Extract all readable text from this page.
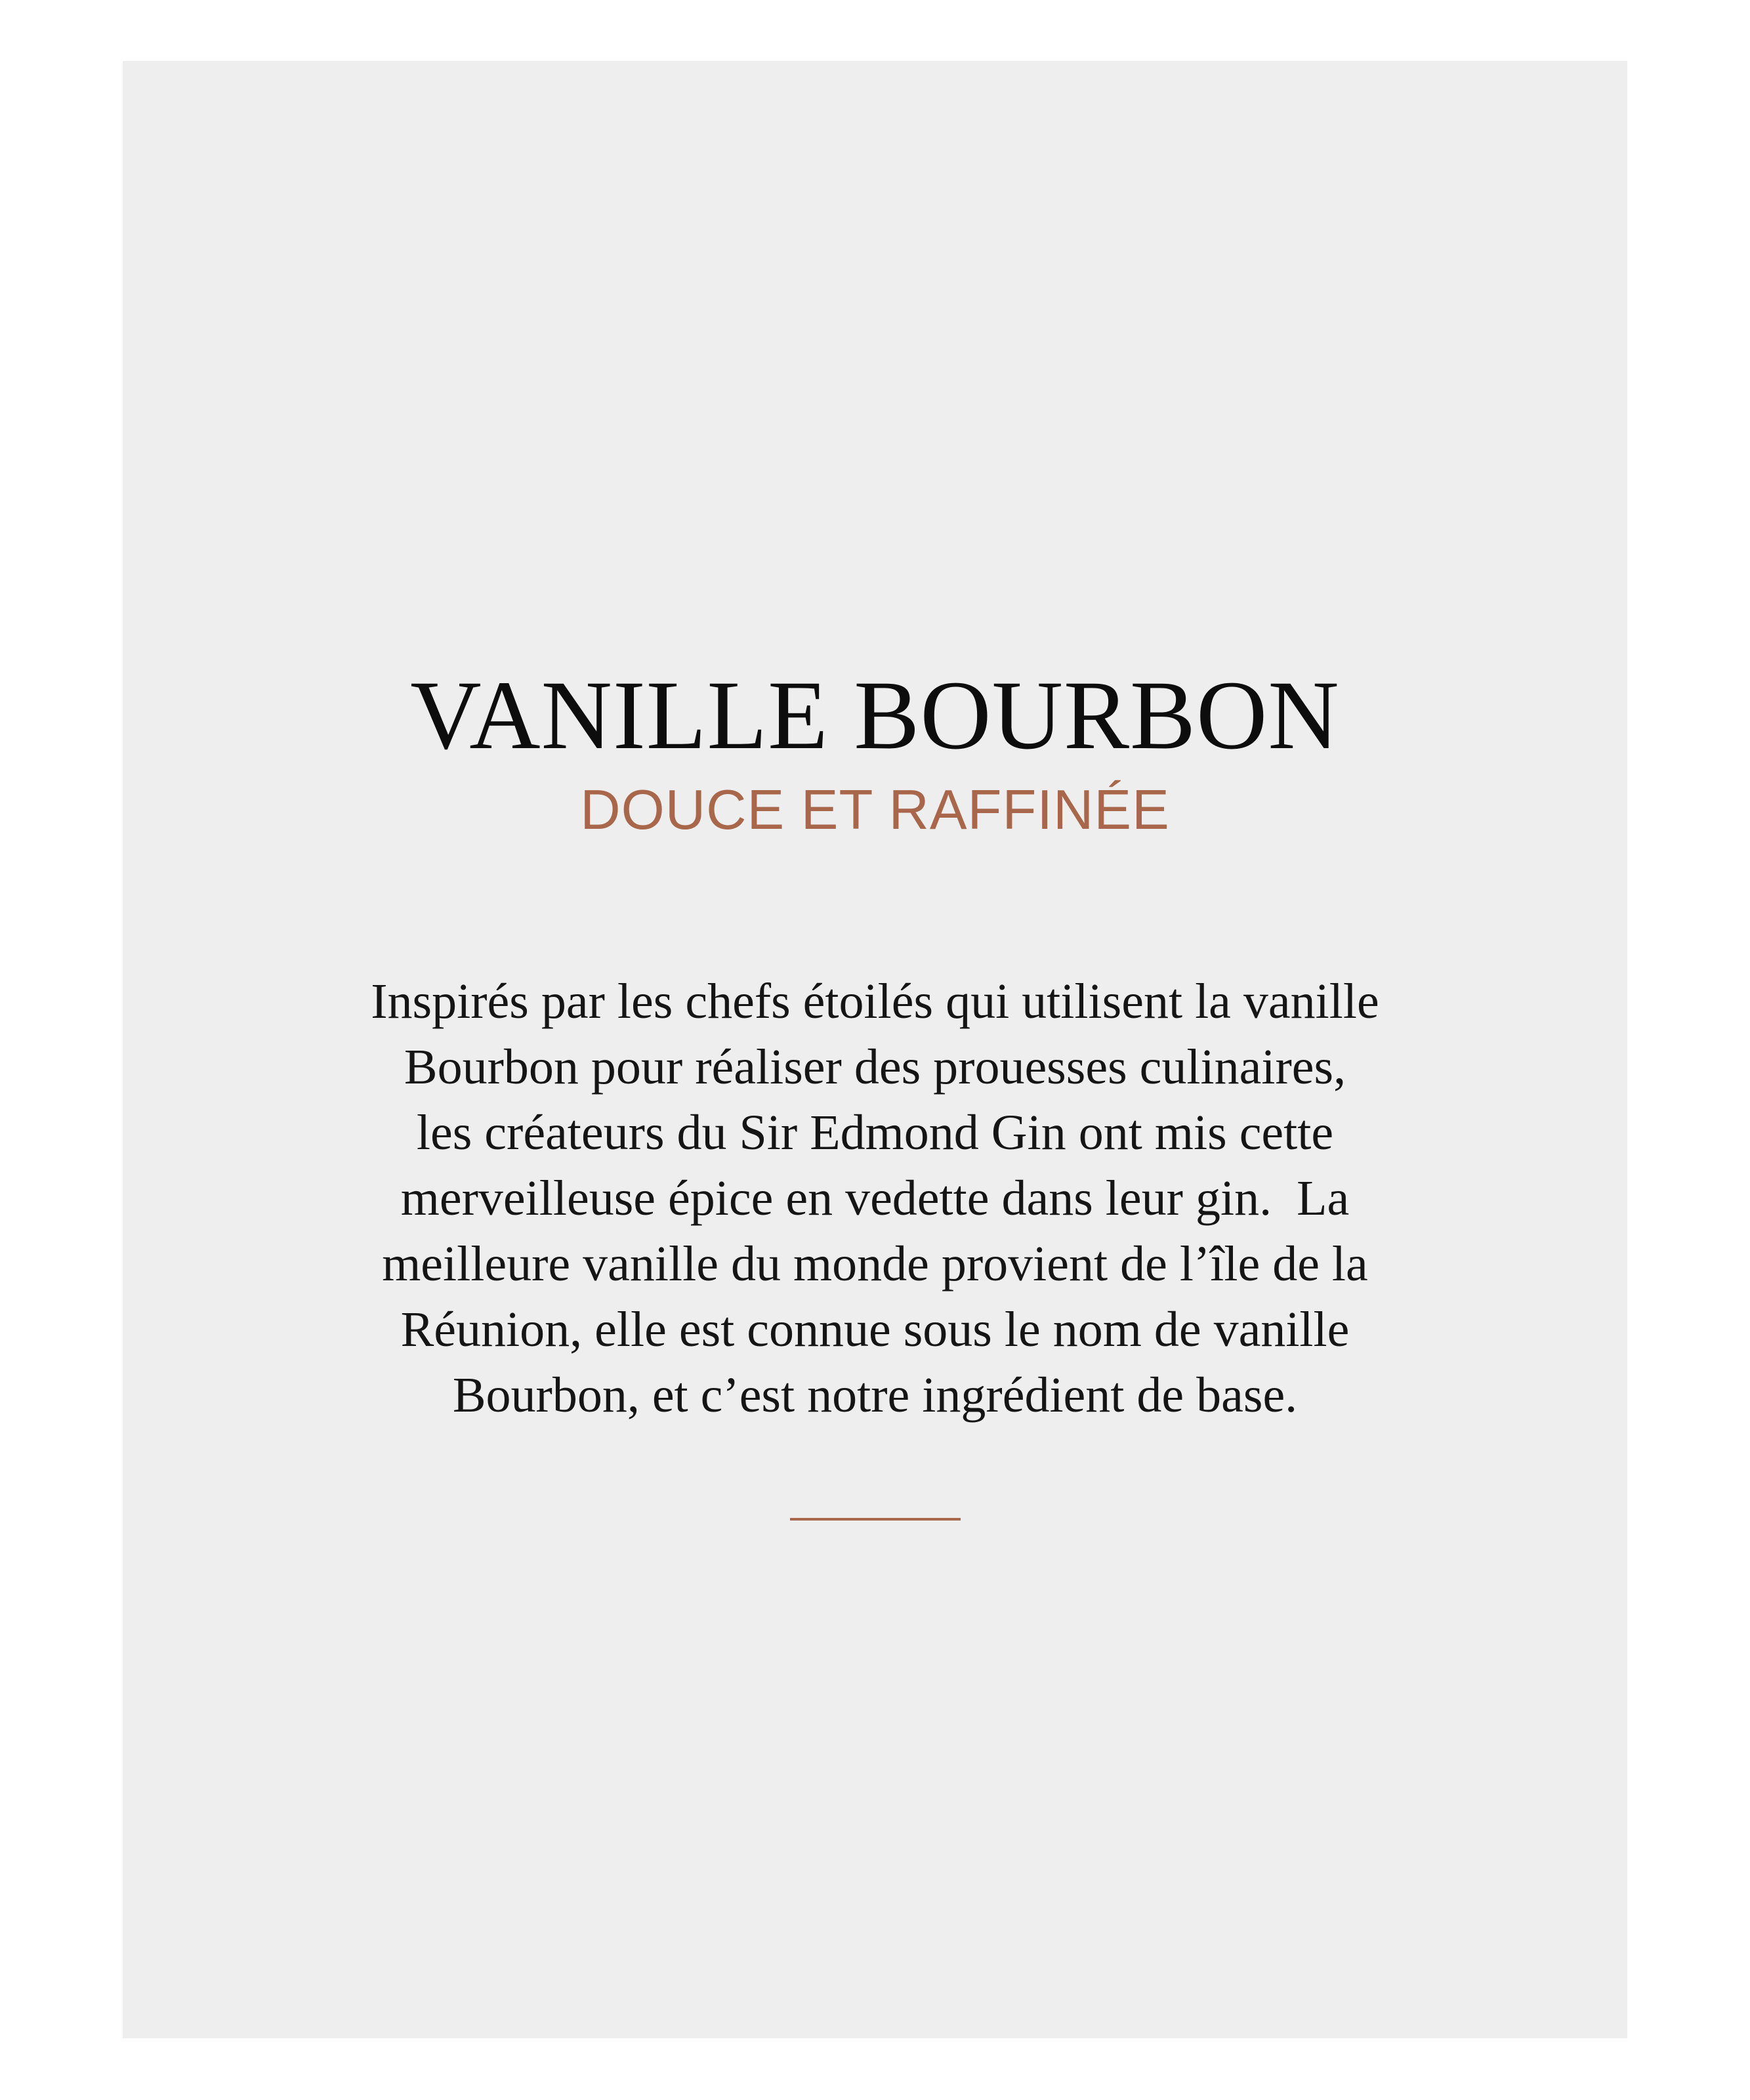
VANILLE BOURBON
DOUCE ET RAFFINÉE
Inspirés par les chefs étoilés qui utilisent la vanille
Bourbon pour réaliser des prouesses culinaires,
les créateurs du Sir Edmond Gin ont mis cette
merveilleuse épice en vedette dans leur gin.  La
meilleure vanille du monde provient de l’île de la
Réunion, elle est connue sous le nom de vanille
Bourbon, et c’est notre ingrédient de base.
